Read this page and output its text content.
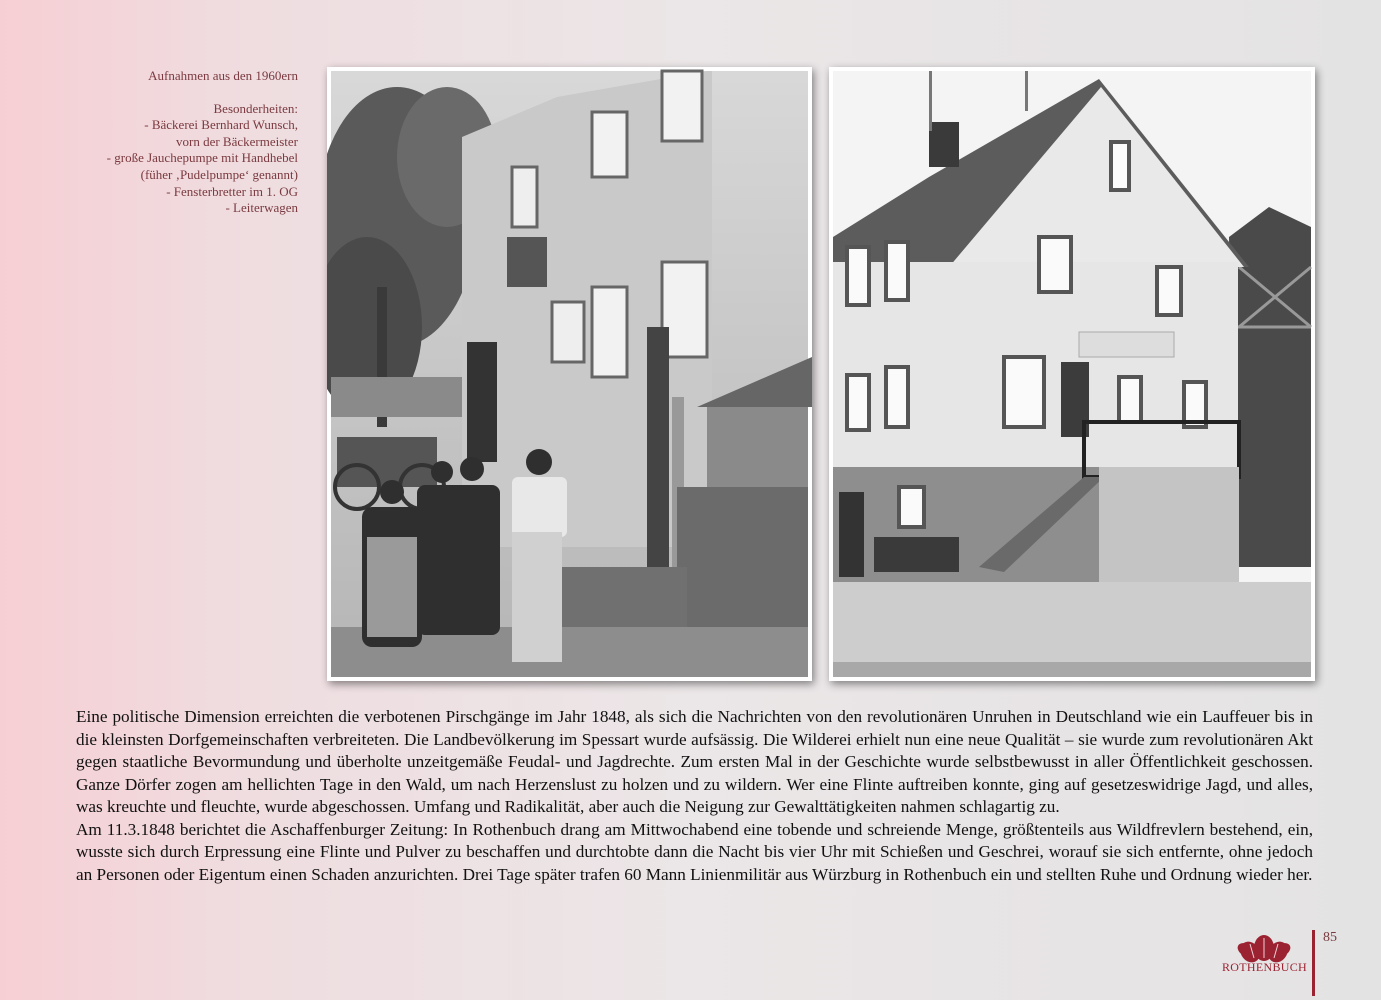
Aufnahmen aus den 1960ern
Besonderheiten:
- Bäckerei Bernhard Wunsch,
vorn der Bäckermeister
- große Jauchepumpe mit Handhebel
(füher ‚Pudelpumpe‘ genannt)
- Fensterbretter im 1. OG
- Leiterwagen

Eine politische Dimension erreichten die verbotenen Pirschgänge im Jahr 1848, als sich die Nachrichten von den revolutionären Unruhen in Deutschland wie ein Lauffeuer bis in die kleinsten Dorfgemeinschaften verbreiteten. Die Landbevölkerung im Spessart wurde aufsässig. Die Wilderei erhielt nun eine neue Qualität – sie wurde zum revolutionären Akt gegen staatliche Bevormundung und überholte unzeitgemäße Feudal- und Jagdrechte. Zum ersten Mal in der Geschichte wurde selbstbewusst in aller Öffentlichkeit geschossen. Ganze Dörfer zogen am hellichten Tage in den Wald, um nach Herzenslust zu holzen und zu wildern. Wer eine Flinte auftreiben konnte, ging auf gesetzeswidrige Jagd, und alles, was kreuchte und fleuchte, wurde abgeschossen. Umfang und Radikalität, aber auch die Neigung zur Gewalttätigkeiten nahmen schlagartig zu.

Am 11.3.1848 berichtet die Aschaffenburger Zeitung: In Rothenbuch drang am Mittwochabend eine tobende und schreiende Menge, größtenteils aus Wildfrevlern bestehend, ein, wusste sich durch Erpressung eine Flinte und Pulver zu beschaffen und durchtobte dann die Nacht bis vier Uhr mit Schießen und Geschrei, worauf sie sich entfernte, ohne jedoch an Personen oder Eigentum einen Schaden anzurichten. Drei Tage später trafen 60 Mann Linienmilitär aus Würzburg in Rothenbuch ein und stellten Ruhe und Ordnung wieder her.

ROTHENBUCH
85
